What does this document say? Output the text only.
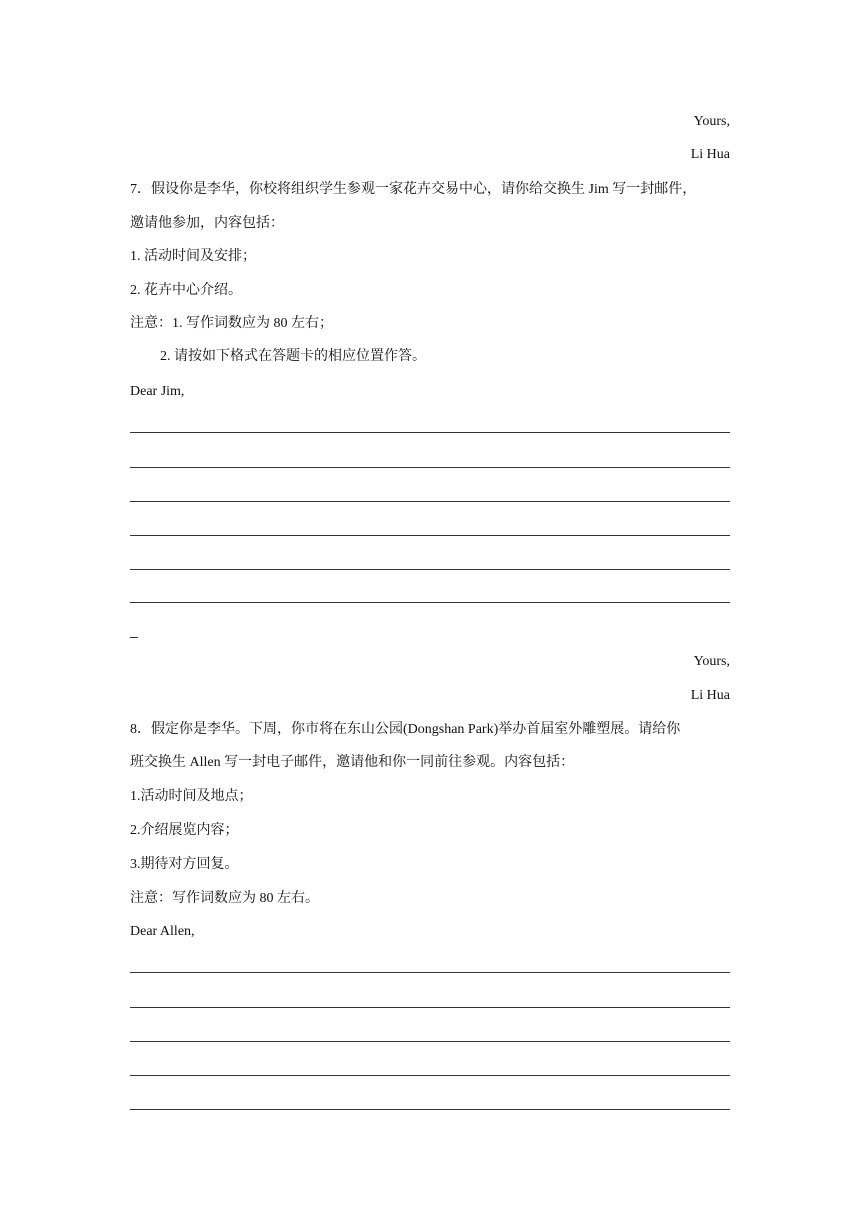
Yours,
Li Hua
7．假设你是李华，你校将组织学生参观一家花卉交易中心，请你给交换生 Jim 写一封邮件，
邀请他参加，内容包括：
1. 活动时间及安排；
2. 花卉中心介绍。
注意：1. 写作词数应为 80 左右；
2. 请按如下格式在答题卡的相应位置作答。
Dear Jim,
Yours,
Li Hua
8．假定你是李华。下周，你市将在东山公园(Dongshan Park)举办首届室外雕塑展。请给你
班交换生 Allen 写一封电子邮件，邀请他和你一同前往参观。内容包括：
1.活动时间及地点；
2.介绍展览内容；
3.期待对方回复。
注意：写作词数应为 80 左右。
Dear Allen,
